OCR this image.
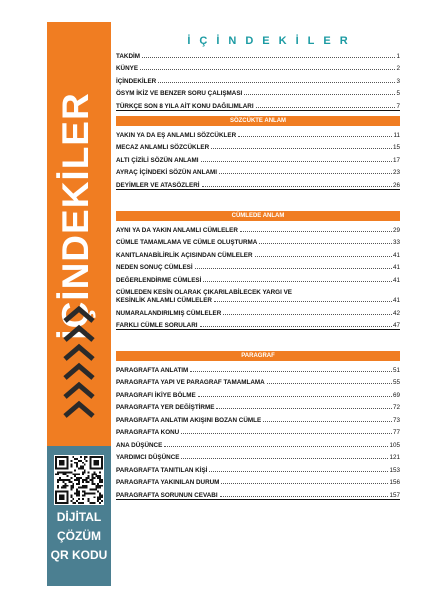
İÇİNDEKİLER
DİJİTAL
ÇÖZÜM
QR KODU
İÇİNDEKİLER
TAKDİM	1
KÜNYE	2
İÇİNDEKİLER	3
ÖSYM İKİZ VE BENZER SORU ÇALIŞMASI	5
TÜRKÇE SON 8 YILA AİT KONU DAĞILIMLARI	7
SÖZCÜKTE ANLAM
YAKIN YA DA EŞ ANLAMLI SÖZCÜKLER	11
MECAZ ANLAMLI SÖZCÜKLER	15
ALTI ÇİZİLİ SÖZÜN ANLAMI	17
AYRAÇ İÇİNDEKİ SÖZÜN ANLAMI	23
DEYİMLER VE ATASÖZLERİ	26
CÜMLEDE ANLAM
AYNI YA DA YAKIN ANLAMLI CÜMLELER	29
CÜMLE TAMAMLAMA VE CÜMLE OLUŞTURMA	33
KANITLANABİLİRLİK AÇISINDAN CÜMLELER	41
NEDEN SONUÇ CÜMLESİ	41
DEĞERLENDİRME CÜMLESİ	41
CÜMLEDEN KESİN OLARAK ÇIKARILABİLECEK YARGI VE
KESİNLİK ANLAMLI CÜMLELER	41
NUMARALANDIRILMIŞ CÜMLELER	42
FARKLI CÜMLE SORULARI	47
PARAGRAF
PARAGRAFTA ANLATIM	51
PARAGRAFTA YAPI VE PARAGRAF TAMAMLAMA	55
PARAGRAFI İKİYE BÖLME	69
PARAGRAFTA YER DEĞİŞTİRME	72
PARAGRAFTA ANLATIM AKIŞINI BOZAN CÜMLE	73
PARAGRAFTA KONU	77
ANA DÜŞÜNCE	105
YARDIMCI DÜŞÜNCE	121
PARAGRAFTA TANITILAN KİŞİ	153
PARAGRAFTA YAKINILAN DURUM	156
PARAGRAFTA SORUNUN CEVABI	157
